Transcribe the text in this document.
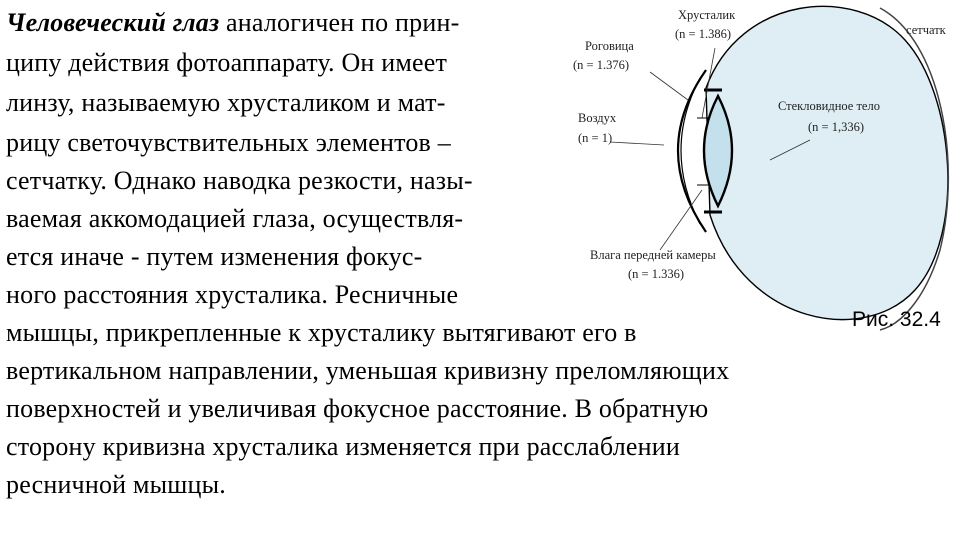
Хрусталик
(n = 1.386)	сетчатк
Роговица
(n = 1.376)
Воздух
(n = 1)
Стекловидное тело
(n = 1,336)
Влага передней камеры
(n = 1.336)

Человеческий глаз аналогичен по прин-

ципу действия фотоаппарату. Он имеет

линзу, называемую хрусталиком и мат-

рицу светочувствительных элементов –

сетчатку. Однако наводка резкости, назы-

ваемая аккомодацией глаза, осуществля-

ется иначе - путем изменения фокус-

ного расстояния хрусталика. Ресничные

мышцы, прикрепленные к хрусталику вытягивают его в

вертикальном направлении, уменьшая кривизну преломляющих

поверхностей и увеличивая фокусное расстояние. В обратную

сторону кривизна хрусталика изменяется при расслаблении

ресничной мышцы.

Рис. 32.4
